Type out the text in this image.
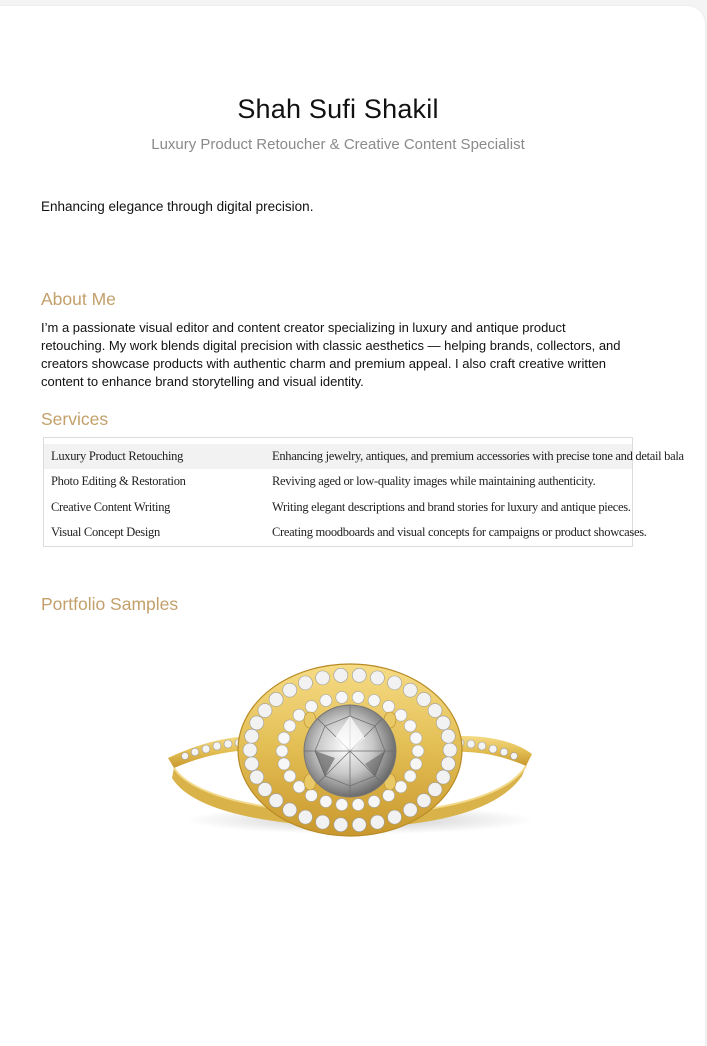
Shah Sufi Shakil
Luxury Product Retoucher & Creative Content Specialist
Enhancing elegance through digital precision.
About Me
I’m a passionate visual editor and content creator specializing in luxury and antique product retouching. My work blends digital precision with classic aesthetics — helping brands, collectors, and creators showcase products with authentic charm and premium appeal. I also craft creative written content to enhance brand storytelling and visual identity.
Services
Luxury Product Retouching	Enhancing jewelry, antiques, and premium accessories with precise tone and detail bala
Photo Editing & Restoration	Reviving aged or low-quality images while maintaining authenticity.
Creative Content Writing	Writing elegant descriptions and brand stories for luxury and antique pieces.
Visual Concept Design	Creating moodboards and visual concepts for campaigns or product showcases.
Portfolio Samples
